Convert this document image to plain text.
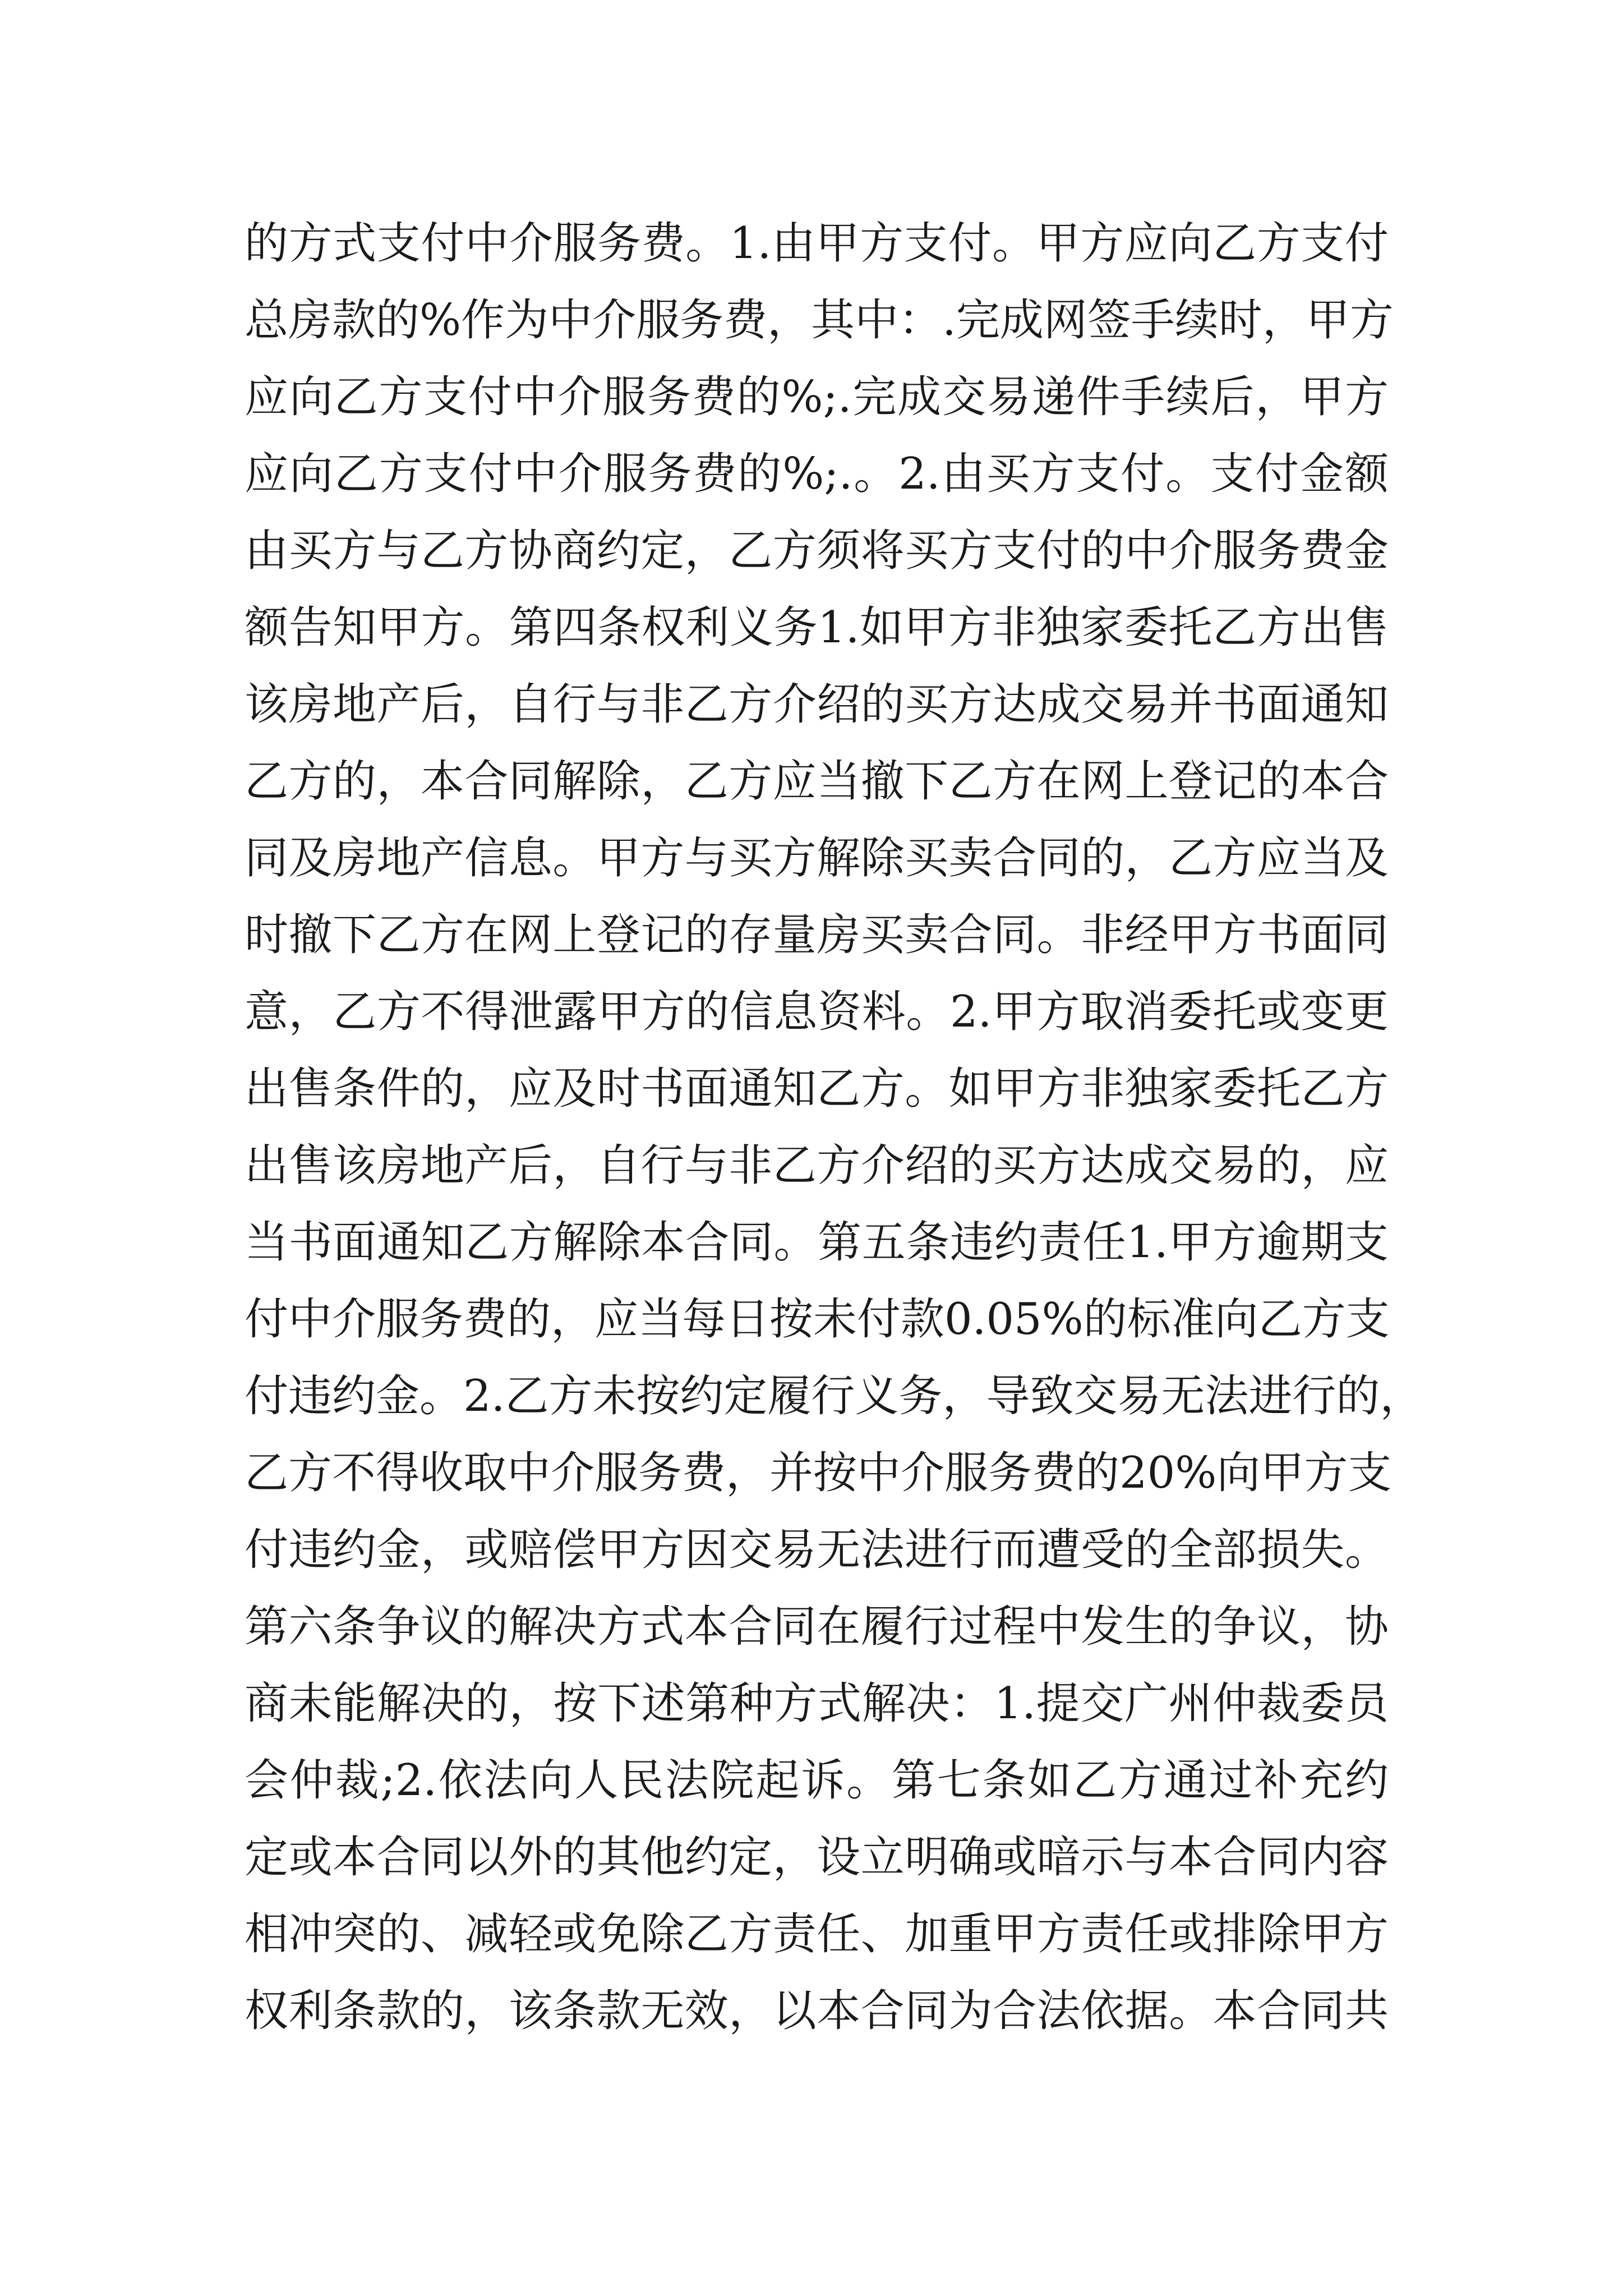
的方式支付中介服务费。1.由甲方支付。甲方应向乙方支付
总房款的%作为中介服务费，其中：.完成网签手续时，甲方
应向乙方支付中介服务费的%;.完成交易递件手续后，甲方
应向乙方支付中介服务费的%;.。2.由买方支付。支付金额
由买方与乙方协商约定，乙方须将买方支付的中介服务费金
额告知甲方。第四条权利义务1.如甲方非独家委托乙方出售
该房地产后，自行与非乙方介绍的买方达成交易并书面通知
乙方的，本合同解除，乙方应当撤下乙方在网上登记的本合
同及房地产信息。甲方与买方解除买卖合同的，乙方应当及
时撤下乙方在网上登记的存量房买卖合同。非经甲方书面同
意，乙方不得泄露甲方的信息资料。2.甲方取消委托或变更
出售条件的，应及时书面通知乙方。如甲方非独家委托乙方
出售该房地产后，自行与非乙方介绍的买方达成交易的，应
当书面通知乙方解除本合同。第五条违约责任1.甲方逾期支
付中介服务费的，应当每日按未付款0.05%的标准向乙方支
付违约金。2.乙方未按约定履行义务，导致交易无法进行的，
乙方不得收取中介服务费，并按中介服务费的20%向甲方支
付违约金，或赔偿甲方因交易无法进行而遭受的全部损失。
第六条争议的解决方式本合同在履行过程中发生的争议，协
商未能解决的，按下述第种方式解决：1.提交广州仲裁委员
会仲裁;2.依法向人民法院起诉。第七条如乙方通过补充约
定或本合同以外的其他约定，设立明确或暗示与本合同内容
相冲突的、减轻或免除乙方责任、加重甲方责任或排除甲方
权利条款的，该条款无效，以本合同为合法依据。本合同共
